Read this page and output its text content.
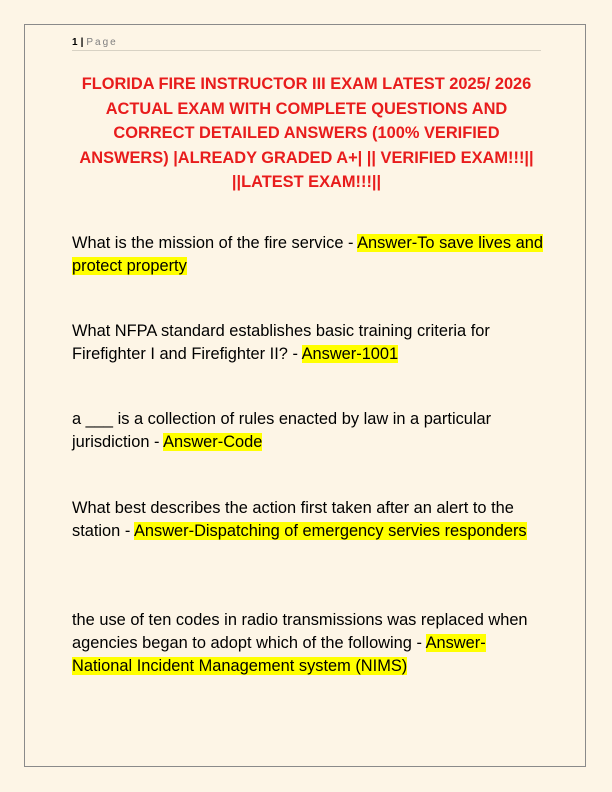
1 | Page
FLORIDA FIRE INSTRUCTOR III EXAM LATEST 2025/ 2026 ACTUAL EXAM WITH COMPLETE QUESTIONS AND CORRECT DETAILED ANSWERS (100% VERIFIED ANSWERS) |ALREADY GRADED A+| || VERIFIED EXAM!!!|| ||LATEST EXAM!!!||

What is the mission of the fire service - Answer-To save lives and protect property

What NFPA standard establishes basic training criteria for Firefighter I and Firefighter II? - Answer-1001

a ___ is a collection of rules enacted by law in a particular jurisdiction - Answer-Code

What best describes the action first taken after an alert to the station - Answer-Dispatching of emergency servies responders

the use of ten codes in radio transmissions was replaced when agencies began to adopt which of the following - Answer-National Incident Management system (NIMS)
